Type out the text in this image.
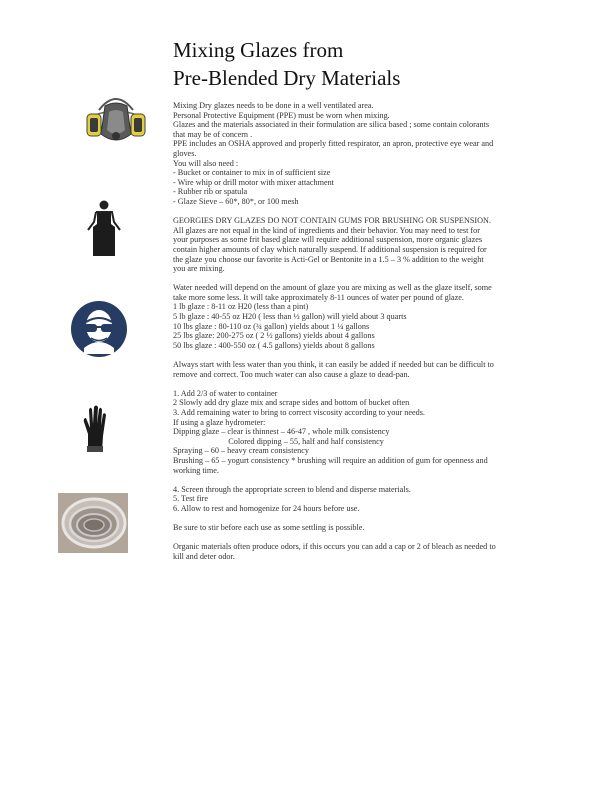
Mixing Glazes from
Pre-Blended Dry Materials

Mixing Dry glazes needs to be done in a well ventilated area.

Personal Protective Equipment (PPE) must be worn when mixing.

Glazes and the materials associated in their formulation are silica based ; some contain colorants

that may be of concern .

PPE includes an OSHA approved and properly fitted respirator, an apron, protective eye wear and

gloves.

You will also need :

- Bucket or container to mix in of sufficient size

- Wire whip or drill motor with mixer attachment

- Rubber rib or spatula

- Glaze Sieve – 60*, 80*, or 100 mesh

GEORGIES DRY GLAZES DO NOT CONTAIN GUMS FOR BRUSHING OR SUSPENSION.

All glazes are not equal in the kind of ingredients and their behavior. You may need to test for

your purposes as some frit based glaze will require additional suspension, more organic glazes

contain higher amounts of clay which naturally suspend. If additional suspension is required for

the glaze you choose our favorite is Acti-Gel or Bentonite in a 1.5 – 3 % addition to the weight

you are mixing.

Water needed will depend on the amount of glaze you are mixing as well as the glaze itself, some

take more some less. It will take approximately 8-11 ounces of water per pound of glaze.

1 lb glaze : 8-11 oz H20 (less than a pint)

5 lb glaze : 40-55 oz H20 ( less than ½ gallon) will yield about 3 quarts

10 lbs glaze : 80-110 oz (¾ gallon) yields about 1 ¼ gallons

25 lbs glaze: 200-275 oz ( 2 ½ gallons) yields about 4 gallons

50 lbs glaze : 400-550 oz ( 4.5 gallons) yields about 8 gallons

Always start with less water than you think, it can easily be added if needed but can be difficult to

remove and correct. Too much water can also cause a glaze to dead-pan.

1. Add 2/3 of water to container

2 Slowly add dry glaze mix and scrape sides and bottom of bucket often

3. Add remaining water to bring to correct viscosity according to your needs.

If using a glaze hydrometer:

Dipping glaze – clear is thinnest – 46-47 , whole milk consistency

Colored dipping – 55, half and half consistency

Spraying – 60 – heavy cream consistency

Brushing – 65 – yogurt consistency * brushing will require an addition of gum for openness and

working time.

4. Screen through the appropriate screen to blend and disperse materials.

5. Test fire

6. Allow to rest and homogenize for 24 hours before use.

Be sure to stir before each use as some settling is possible.

Organic materials often produce odors, if this occurs you can add a cap or 2 of bleach as needed to

kill and deter odor.
